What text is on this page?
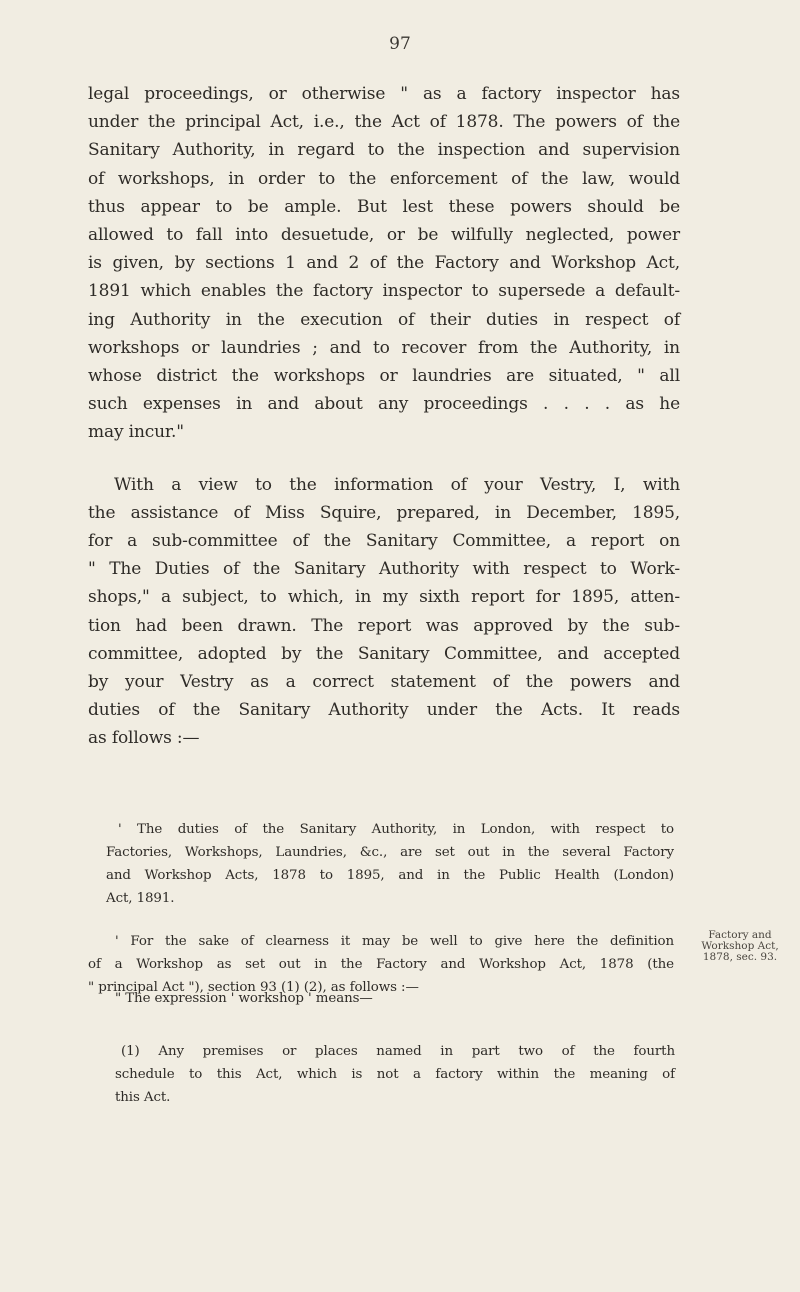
97
legal proceedings, or otherwise " as a factory inspector has
under the principal Act, i.e., the Act of 1878. The powers of the
Sanitary Authority, in regard to the inspection and supervision
of workshops, in order to the enforcement of the law, would
thus appear to be ample. But lest these powers should be
allowed to fall into desuetude, or be wilfully neglected, power
is given, by sections 1 and 2 of the Factory and Workshop Act,
1891 which enables the factory inspector to supersede a default-
ing Authority in the execution of their duties in respect of
workshops or laundries ; and to recover from the Authority, in
whose district the workshops or laundries are situated, " all
such expenses in and about any proceedings . . . . as he
may incur."
With a view to the information of your Vestry, I, with
the assistance of Miss Squire, prepared, in December, 1895,
for a sub-committee of the Sanitary Committee, a report on
" The Duties of the Sanitary Authority with respect to Work-
shops," a subject, to which, in my sixth report for 1895, atten-
tion had been drawn. The report was approved by the sub-
committee, adopted by the Sanitary Committee, and accepted
by your Vestry as a correct statement of the powers and
duties of the Sanitary Authority under the Acts. It reads
as follows :—
' The duties of the Sanitary Authority, in London, with respect to
Factories, Workshops, Laundries, &c., are set out in the several Factory
and Workshop Acts, 1878 to 1895, and in the Public Health (London)
Act, 1891.
' For the sake of clearness it may be well to give here the definition
of a Workshop as set out in the Factory and Workshop Act, 1878 (the
" principal Act "), section 93 (1) (2), as follows :—
Factory and
Workshop Act,
1878, sec. 93.
" The expression ' workshop ' means—
(1) Any premises or places named in part two of the fourth
schedule to this Act, which is not a factory within the meaning of
this Act.
